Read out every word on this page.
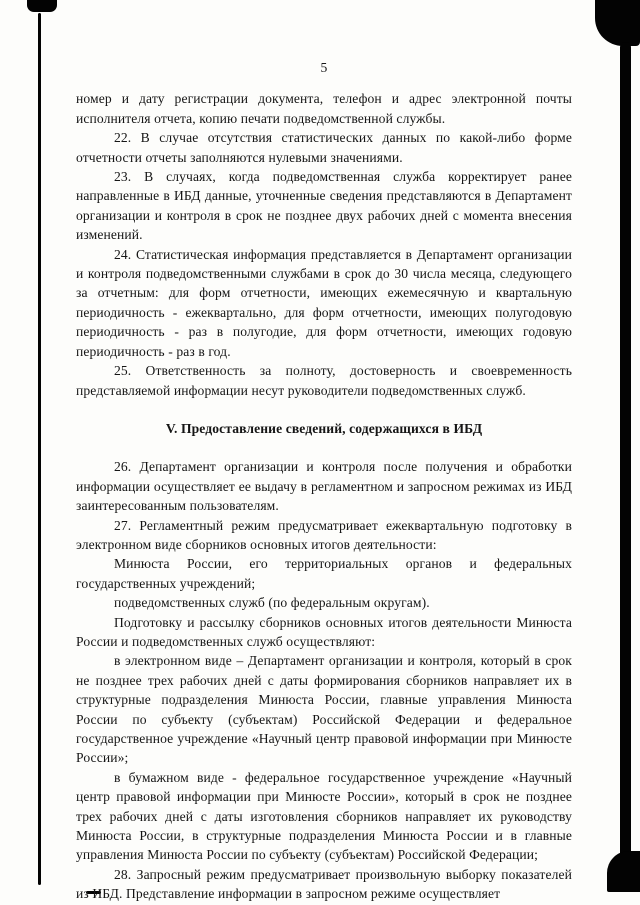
5

номер и дату регистрации документа, телефон и адрес электронной почты исполнителя отчета, копию печати подведомственной службы.

22. В случае отсутствия статистических данных по какой-либо форме отчетности отчеты заполняются нулевыми значениями.

23. В случаях, когда подведомственная служба корректирует ранее направленные в ИБД данные, уточненные сведения представляются в Департамент организации и контроля в срок не позднее двух рабочих дней с момента внесения изменений.

24. Статистическая информация представляется в Департамент организации и контроля подведомственными службами в срок до 30 числа месяца, следующего за отчетным: для форм отчетности, имеющих ежемесячную и квартальную периодичность - ежеквартально, для форм отчетности, имеющих полугодовую периодичность - раз в полугодие, для форм отчетности, имеющих годовую периодичность - раз в год.

25. Ответственность за полноту, достоверность и своевременность представляемой информации несут руководители подведомственных служб.

V. Предоставление сведений, содержащихся в ИБД

26. Департамент организации и контроля после получения и обработки информации осуществляет ее выдачу в регламентном и запросном режимах из ИБД заинтересованным пользователям.

27. Регламентный режим предусматривает ежеквартальную подготовку в электронном виде сборников основных итогов деятельности:

Минюста России, его территориальных органов и федеральных государственных учреждений;

подведомственных служб (по федеральным округам).

Подготовку и рассылку сборников основных итогов деятельности Минюста России и подведомственных служб осуществляют:

в электронном виде – Департамент организации и контроля, который в срок не позднее трех рабочих дней с даты формирования сборников направляет их в структурные подразделения Минюста России, главные управления Минюста России по субъекту (субъектам) Российской Федерации и федеральное государственное учреждение «Научный центр правовой информации при Минюсте России»;

в бумажном виде - федеральное государственное учреждение «Научный центр правовой информации при Минюсте России», который в срок не позднее трех рабочих дней с даты изготовления сборников направляет их руководству Минюста России, в структурные подразделения Минюста России и в главные управления Минюста России по субъекту (субъектам) Российской Федерации;

28. Запросный режим предусматривает произвольную выборку показателей из ИБД. Представление информации в запросном режиме осуществляет
